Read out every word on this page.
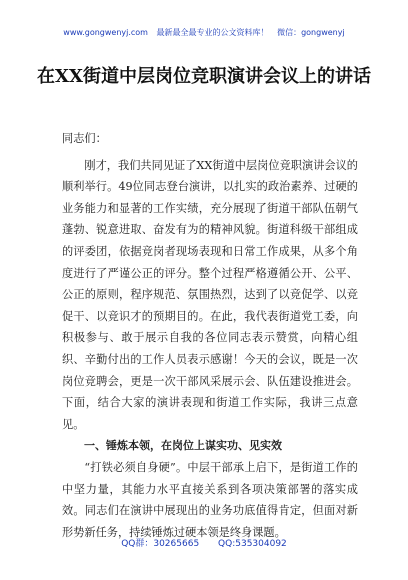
www.gongwenyj.com 最新最全最专业的公文资料库！ 微信：gongwenyj
在XX街道中层岗位竞职演讲会议上的讲话

同志们：

刚才，我们共同见证了XX街道中层岗位竞职演讲会议的顺利举行。49位同志登台演讲，以扎实的政治素养、过硬的业务能力和显著的工作实绩，充分展现了街道干部队伍朝气蓬勃、锐意进取、奋发有为的精神风貌。街道科级干部组成的评委团，依据竞岗者现场表现和日常工作成果，从多个角度进行了严谨公正的评分。整个过程严格遵循公开、公平、公正的原则，程序规范、氛围热烈，达到了以竞促学、以竞促干、以竞识才的预期目的。在此，我代表街道党工委，向积极参与、敢于展示自我的各位同志表示赞赏，向精心组织、辛勤付出的工作人员表示感谢！今天的会议，既是一次岗位竞聘会，更是一次干部风采展示会、队伍建设推进会。下面，结合大家的演讲表现和街道工作实际，我讲三点意见。

一、锤炼本领，在岗位上谋实功、见实效

“打铁必须自身硬”。中层干部承上启下，是街道工作的中坚力量，其能力水平直接关系到各项决策部署的落实成效。同志们在演讲中展现出的业务功底值得肯定，但面对新形势新任务，持续锤炼过硬本领是终身课题。

QQ群：30265665 QQ:535304092
